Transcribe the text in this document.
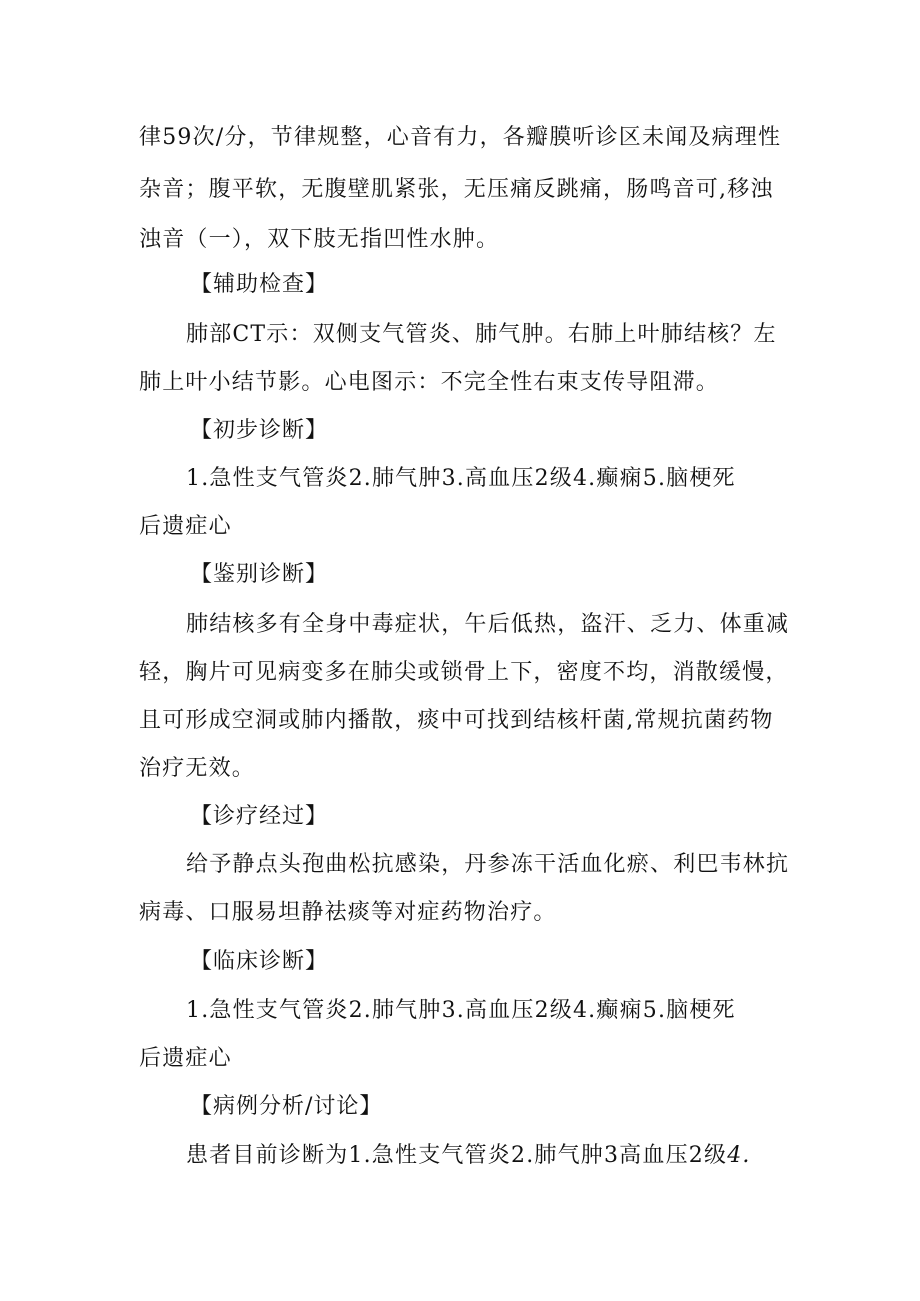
律59次/分，节律规整，心音有力，各瓣膜听诊区未闻及病理性
杂音；腹平软，无腹壁肌紧张，无压痛反跳痛，肠鸣音可,移浊
浊音（一），双下肢无指凹性水肿。
【辅助检查】
肺部CT示：双侧支气管炎、肺气肿。右肺上叶肺结核？左
肺上叶小结节影。心电图示：不完全性右束支传导阻滞。
【初步诊断】
1.急性支气管炎2.肺气肿3.高血压2级4.癫痫5.脑梗死
后遗症心
【鉴别诊断】
肺结核多有全身中毒症状，午后低热，盗汗、乏力、体重减
轻，胸片可见病变多在肺尖或锁骨上下，密度不均，消散缓慢，
且可形成空洞或肺内播散，痰中可找到结核杆菌,常规抗菌药物
治疗无效。
【诊疗经过】
给予静点头孢曲松抗感染，丹参冻干活血化瘀、利巴韦林抗
病毒、口服易坦静祛痰等对症药物治疗。
【临床诊断】
1.急性支气管炎2.肺气肿3.高血压2级4.癫痫5.脑梗死
后遗症心
【病例分析/讨论】
患者目前诊断为1.急性支气管炎2.肺气肿3高血压2级4.
